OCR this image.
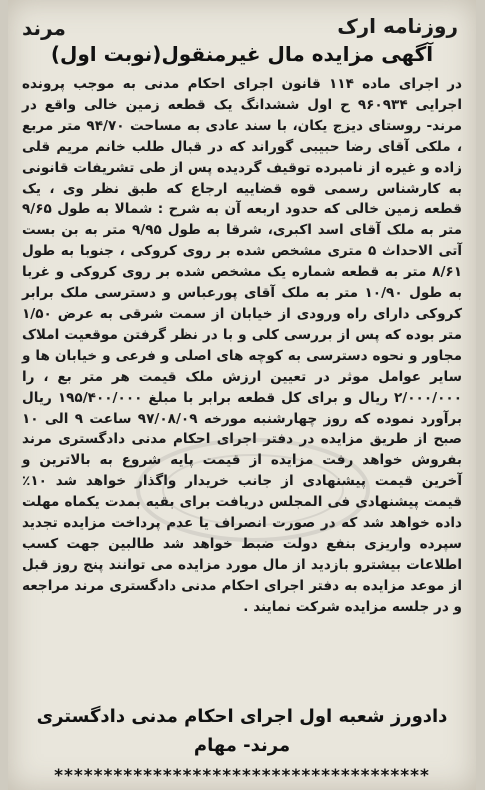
روزنامه ارک
مرند
آگهی مزایده مال غیرمنقول(نوبت اول)
در اجرای ماده ۱۱۴ قانون اجرای احکام مدنی به موجب پرونده اجرایی ۹۶۰۹۳۴ ح اول ششدانگ یک قطعه زمین خالی واقع در مرند- روستای دیزج یکان، با سند عادی به مساحت ۹۴/۷۰ متر مربع ، ملکی آقای رضا حبیبی گوراند که در قبال طلب خانم مریم قلی زاده و غیره از نامبرده توقیف گردیده پس از طی تشریفات قانونی به کارشناس رسمی قوه قضاییه ارجاع که طبق نظر وی ، یک قطعه زمین خالی که حدود اربعه آن به شرح : شمالا به طول ۹/۶۵ متر به ملک آقای اسد اکبری، شرقا به طول ۹/۹۵ متر به بن بست آتی الاحداث ۵ متری مشخص شده بر روی کروکی ، جنوبا به طول ۸/۶۱ متر به قطعه شماره یک مشخص شده بر روی کروکی و غربا به طول ۱۰/۹۰ متر به ملک آقای پورعباس و دسترسی ملک برابر کروکی دارای راه ورودی از خیابان از سمت شرقی به عرض ۱/۵۰ متر بوده که پس از بررسی کلی و با در نظر گرفتن موقعیت املاک مجاور و نحوه دسترسی به کوچه های اصلی و فرعی و خیابان ها و سایر عوامل موثر در تعیین ارزش ملک قیمت هر متر بع ، را ۲/۰۰۰/۰۰۰ ریال و برای کل قطعه برابر با مبلغ ۱۹۵/۴۰۰/۰۰۰ ریال برآورد نموده که روز چهارشنبه مورخه ۹۷/۰۸/۰۹ ساعت ۹ الی ۱۰ صبح از طریق مزایده در دفتر اجرای احکام مدنی دادگستری مرند بفروش خواهد رفت مزایده از قیمت پایه شروع به بالاترین و آخرین قیمت پیشنهادی از جانب خریدار واگذار خواهد شد ۱۰٪ قیمت پیشنهادی فی المجلس دریافت برای بقیه بمدت یکماه مهلت داده خواهد شد که در صورت انصراف یا عدم پرداخت مزایده تجدید سپرده واریزی بنفع دولت ضبط خواهد شد طالبین جهت کسب اطلاعات بیشترو بازدید از مال مورد مزایده می توانند پنج روز قبل از موعد مزایده به دفتر اجرای احکام مدنی دادگستری مرند مراجعه و در جلسه مزایده شرکت نمایند .
دادورز شعبه اول اجرای احکام مدنی دادگستری
مرند- مهام
**************************************
